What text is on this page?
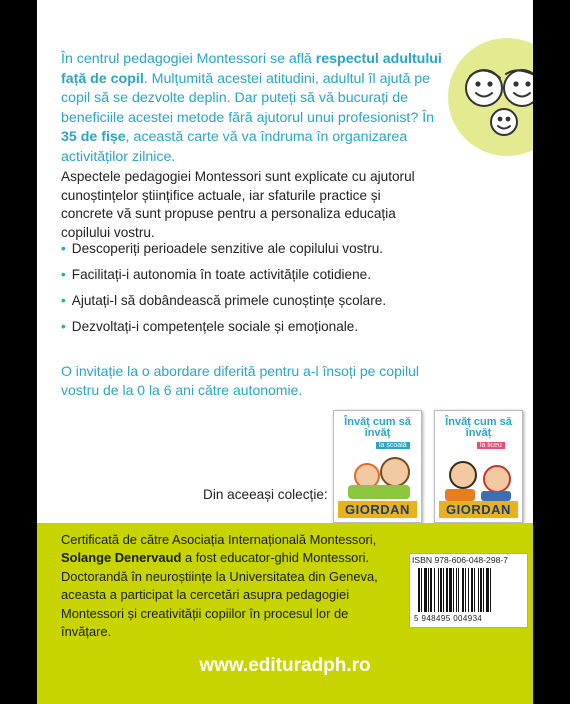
În centrul pedagogiei Montessori se află respectul adultului față de copil. Mulțumită acestei atitudini, adultul îl ajută pe copil să se dezvolte deplin. Dar puteți să vă bucurați de beneficiile acestei metode fără ajutorul unui profesionist? În 35 de fișe, această carte vă va îndruma în organizarea activităților zilnice.

Aspectele pedagogiei Montessori sunt explicate cu ajutorul cunoștințelor științifice actuale, iar sfaturile practice și concrete vă sunt propuse pentru a personaliza educația copilului vostru.

• Descoperiți perioadele senzitive ale copilului vostru.
• Facilitați-i autonomia în toate activitățile cotidiene.
• Ajutați-l să dobândească primele cunoștințe școlare.
• Dezvoltați-i competențele sociale și emoționale.

O invitație la o abordare diferită pentru a-l însoți pe copilul vostru de la 0 la 6 ani către autonomie.

Din aceeași colecție:
Învăț cum să învăț
la școală
GIORDAN
Învăț cum să învăț
la liceu
GIORDAN

Certificată de către Asociația Internațională Montessori, Solange Denervaud a fost educator-ghid Montessori. Doctorandă în neuroștiințe la Universitatea din Geneva, aceasta a participat la cercetări asupra pedagogiei Montessori și creativității copiilor în procesul lor de învățare.

ISBN 978-606-048-298-7
5 948495 004934
www.edituradph.ro
